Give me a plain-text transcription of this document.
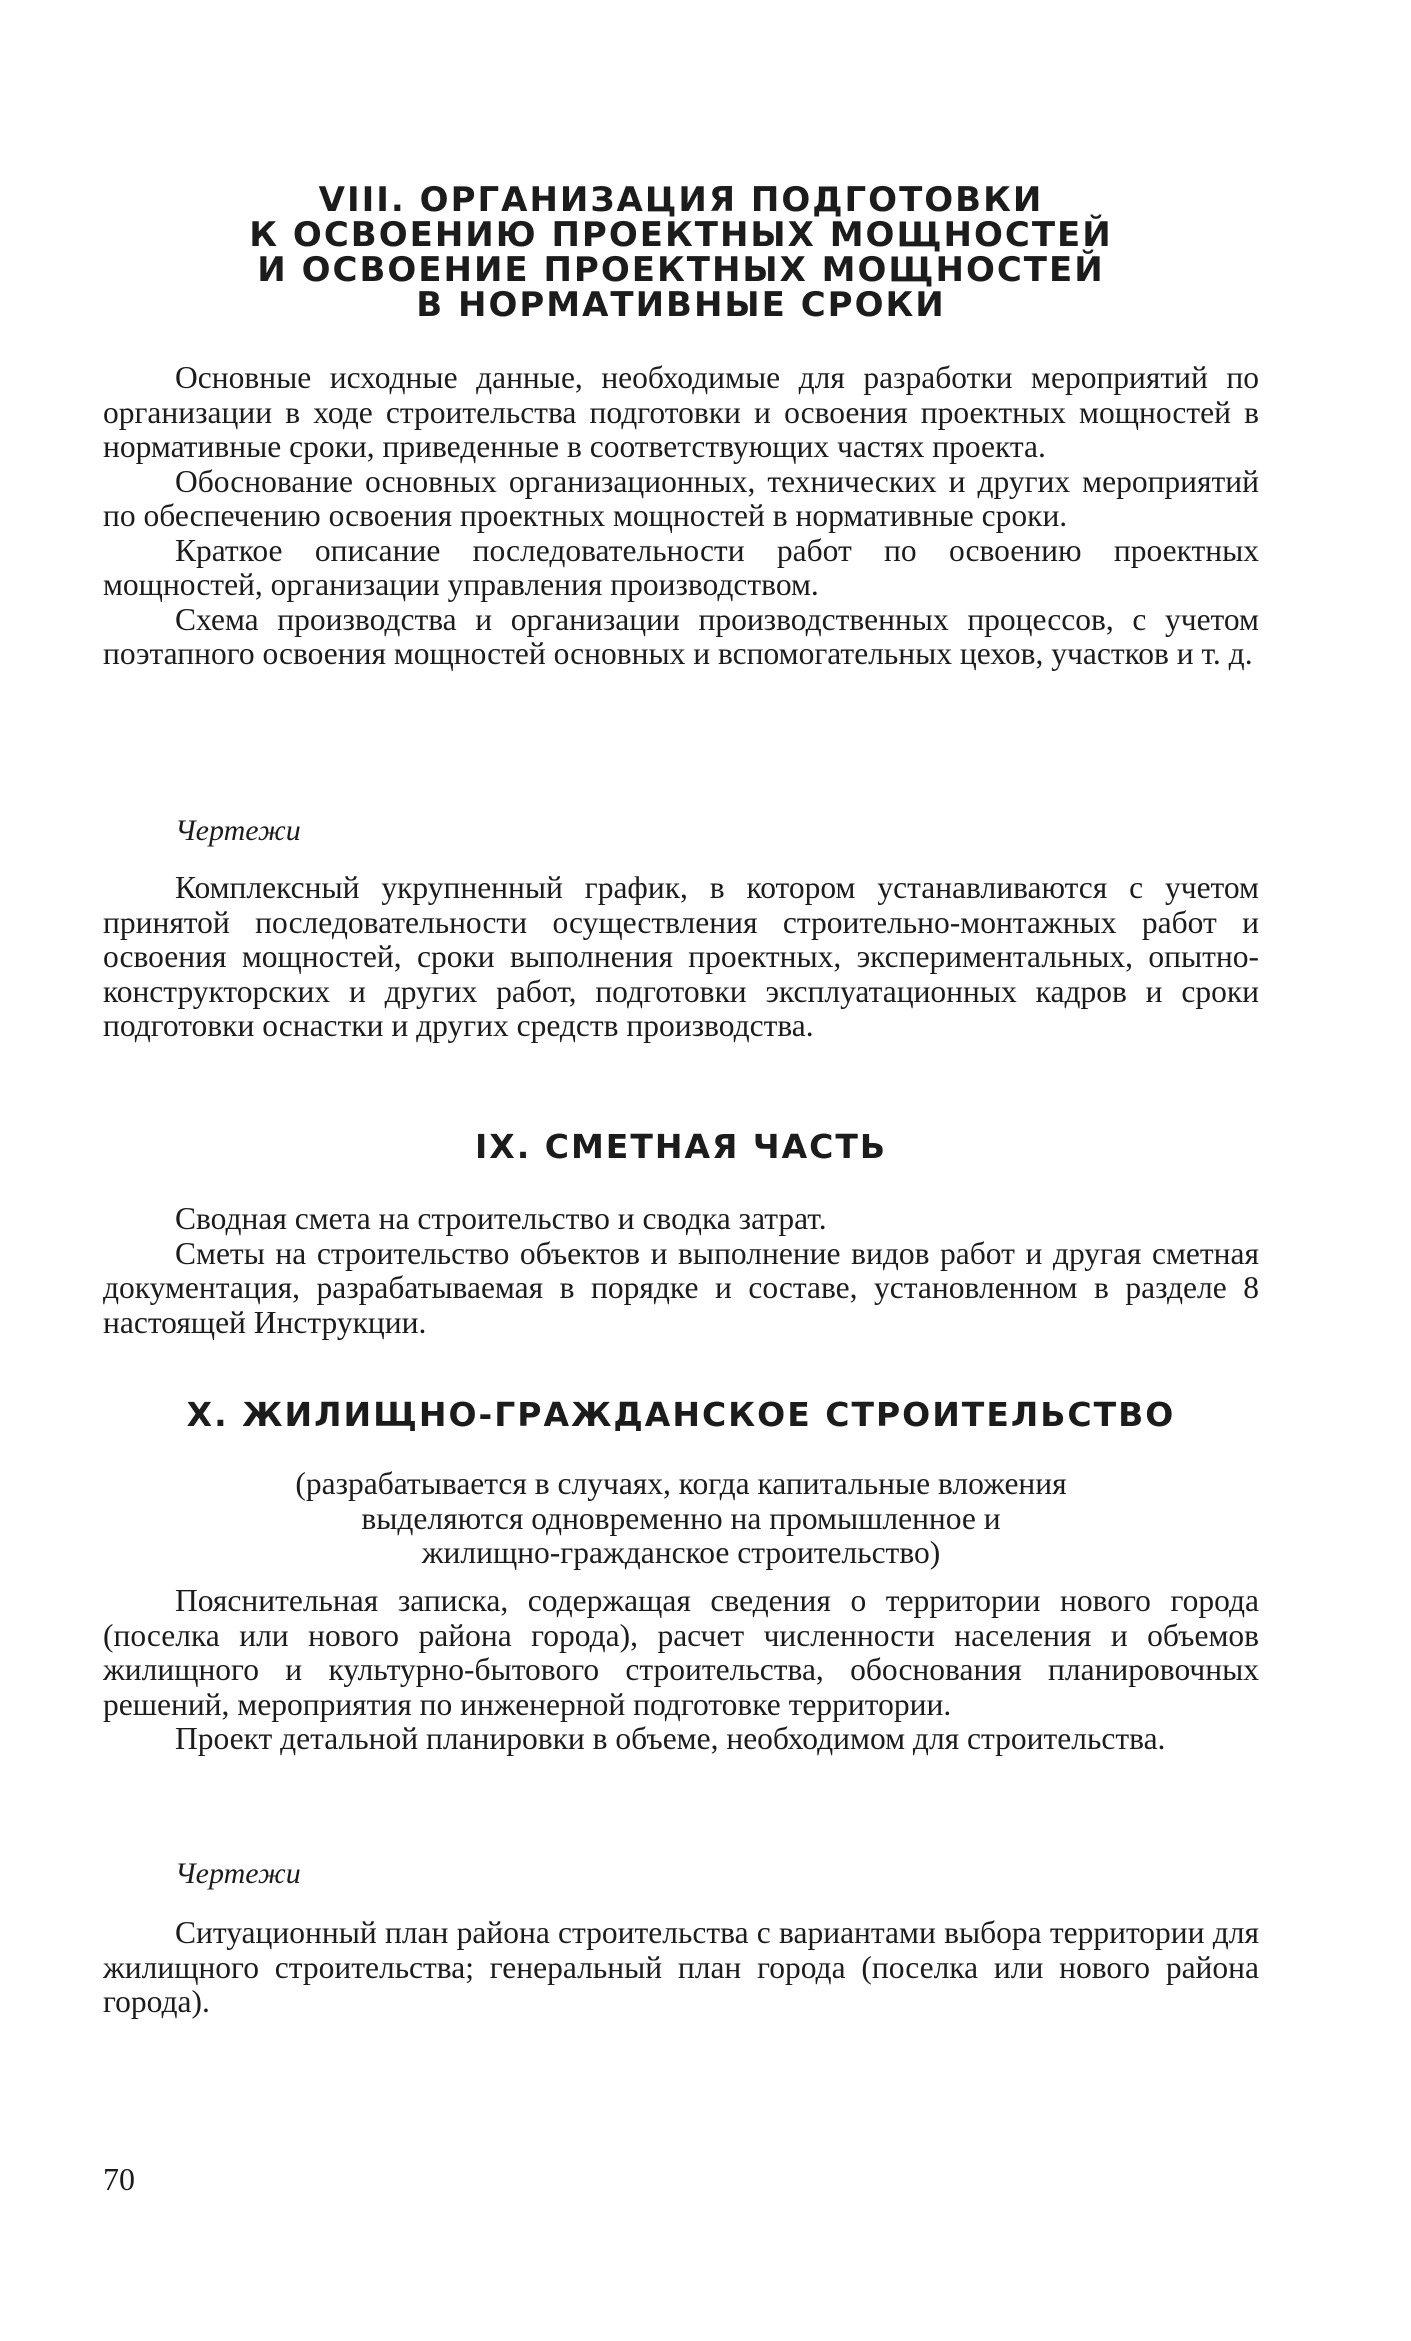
VIII. ОРГАНИЗАЦИЯ ПОДГОТОВКИ
К ОСВОЕНИЮ ПРОЕКТНЫХ МОЩНОСТЕЙ
И ОСВОЕНИЕ ПРОЕКТНЫХ МОЩНОСТЕЙ
В НОРМАТИВНЫЕ СРОКИ

Основные исходные данные, необходимые для разработки мероприятий по организации в ходе строительства подготовки и освоения проектных мощностей в нормативные сроки, приведенные в соответствующих частях проекта.

Обоснование основных организационных, технических и других мероприятий по обеспечению освоения проектных мощностей в нормативные сроки.

Краткое описание последовательности работ по освоению проектных мощностей, организации управления производством.

Схема производства и организации производственных процессов, с учетом поэтапного освоения мощностей основных и вспомогательных цехов, участков и т. д.

Чертежи

Комплексный укрупненный график, в котором устанавливаются с учетом принятой последовательности осуществления строительно-монтажных работ и освоения мощностей, сроки выполнения проектных, экспериментальных, опытно-конструкторских и других работ, подготовки эксплуатационных кадров и сроки подготовки оснастки и других средств производства.

IX. СМЕТНАЯ ЧАСТЬ

Сводная смета на строительство и сводка затрат.

Сметы на строительство объектов и выполнение видов работ и другая сметная документация, разрабатываемая в порядке и составе, установленном в разделе 8 настоящей Инструкции.

X. ЖИЛИЩНО-ГРАЖДАНСКОЕ СТРОИТЕЛЬСТВО

(разрабатывается в случаях, когда капитальные вложения
выделяются одновременно на промышленное и
жилищно-гражданское строительство)

Пояснительная записка, содержащая сведения о территории нового города (поселка или нового района города), расчет численности населения и объемов жилищного и культурно-бытового строительства, обоснования планировочных решений, мероприятия по инженерной подготовке территории.

Проект детальной планировки в объеме, необходимом для строительства.

Чертежи

Ситуационный план района строительства с вариантами выбора территории для жилищного строительства; генеральный план города (поселка или нового района города).

70
